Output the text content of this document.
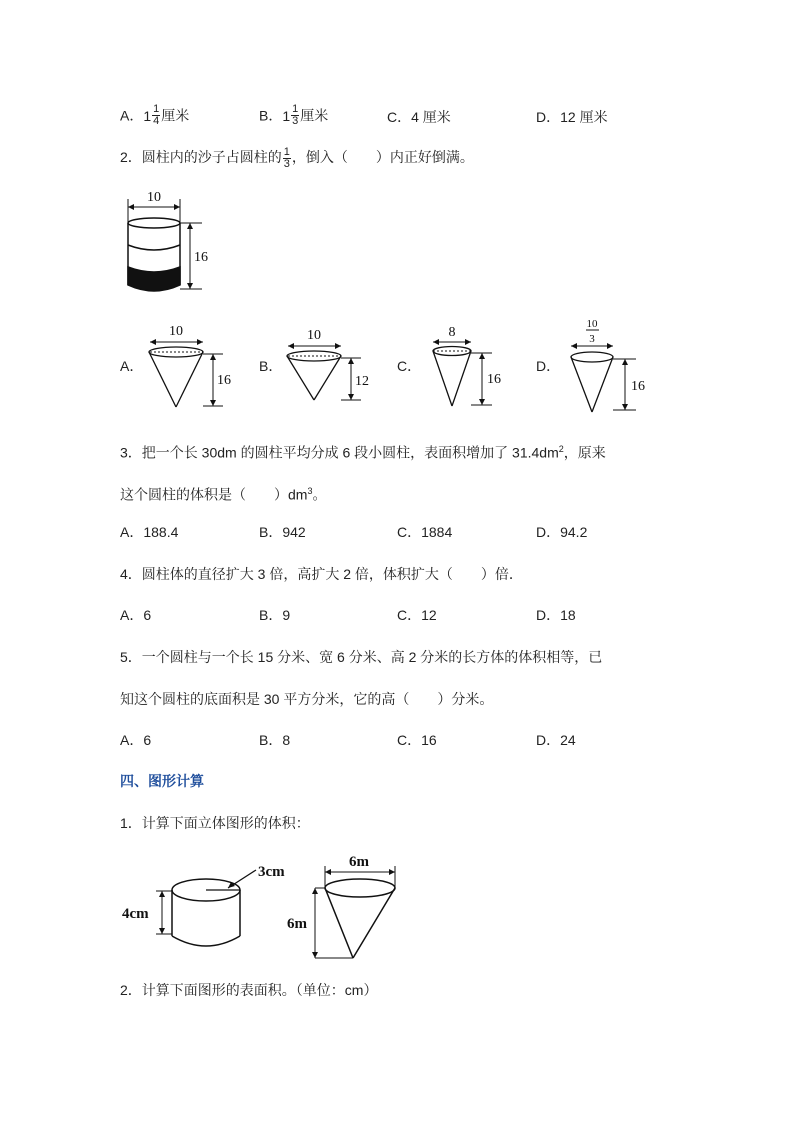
A． $1 \frac{1}{4}$ 厘米	B． $1 \frac{1}{3}$ 厘米	C．4 厘米	D．12 厘米
2．圆柱内的沙子占圆柱的 $\frac{1}{3}$ ，倒入（　　）内正好倒满。
10
16
A．	B．	C．	D．
10
16
10
12
8
16
10
3
16
3．把一个长 30dm 的圆柱平均分成 6 段小圆柱，表面积增加了 $31.4dm^2$，原来
这个圆柱的体积是（　　）$dm^3$。
A．188.4	B．942	C．1884	D．94.2
4．圆柱体的直径扩大 3 倍，高扩大 2 倍，体积扩大（　　）倍．
A．6	B．9	C．12	D．18
5．一个圆柱与一个长 15 分米、宽 6 分米、高 2 分米的长方体的体积相等，已
知这个圆柱的底面积是 30 平方分米，它的高（　　）分米。
A．6	B．8	C．16	D．24
四、图形计算
1．计算下面立体图形的体积：
3cm
4cm
6m
6m
2．计算下面图形的表面积。（单位：cm）
